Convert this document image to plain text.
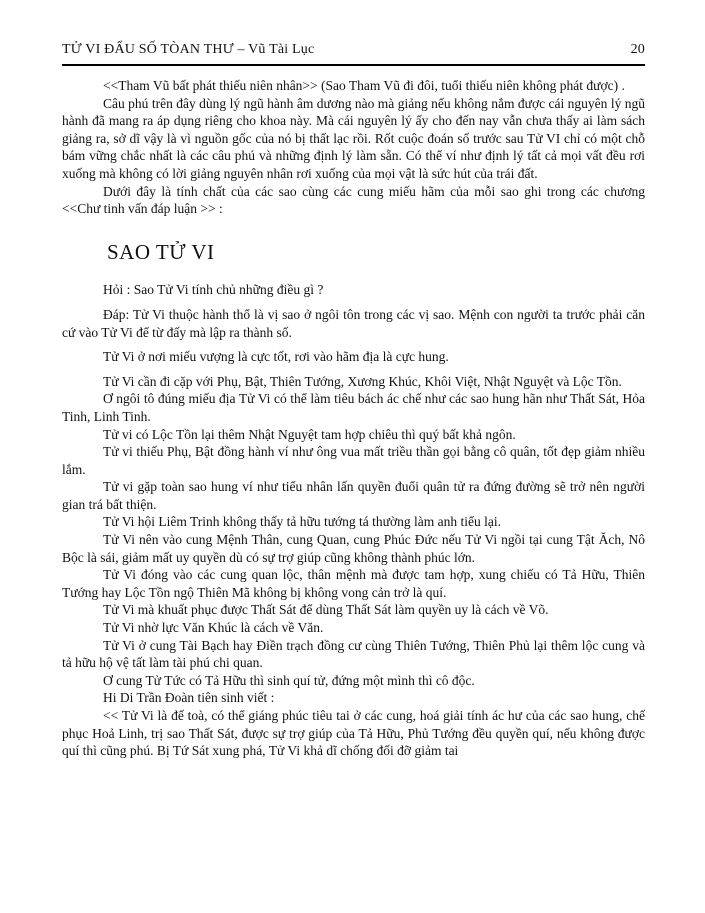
TỬ VI ĐẨU SỐ TÒAN THƯ – Vũ Tài Lục	20

<<Tham Vũ bất phát thiếu niên nhân>> (Sao Tham Vũ đi đôi, tuổi thiếu niên không phát được) .

Câu phú trên đây dùng lý ngũ hành âm dương nào mà giảng nếu không nắm được cái nguyên lý ngũ hành đã mang ra áp dụng riêng cho khoa này. Mà cái nguyên lý ấy cho đến nay vẫn chưa thấy ai làm sách giảng ra, sở dĩ vậy là vì nguồn gốc của nó bị thất lạc rồi. Rốt cuộc đoán số trước sau Tử VI chỉ có một chỗ bám vững chắc nhất là các câu phú và những định lý làm sẵn. Có thể ví như định lý tất cả mọi vất đều rơi xuống mà không có lời giảng nguyên nhân rơi xuống của mọi vật là sức hút của trái đất.

Dưới đây là tính chất của các sao cùng các cung miếu hãm của mỗi sao ghi trong các chương <<Chư tinh vấn đáp luận >> :

SAO TỬ VI

Hỏi : Sao Tử Vi tính chủ những điều gì ?

Đáp: Tử Vi thuộc hành thổ là vị sao ở ngôi tôn trong các vị sao. Mệnh con người ta trước phải căn cứ vào Tử Vi để từ đấy mà lập ra thành số.

Tử Vi ở nơi miếu vượng là cực tốt, rơi vào hãm địa là cực hung.

Tử Vi cần đi cặp với Phụ, Bật, Thiên Tướng, Xương Khúc, Khôi Việt, Nhật Nguyệt và Lộc Tồn.

Ơ ngôi tô đúng miếu địa Tử Vi có thể làm tiêu bách ác chế như các sao hung hãn như Thất Sát, Hỏa Tinh, Linh Tinh.

Tử vi có Lộc Tồn lại thêm Nhật Nguyệt tam hợp chiêu thì quý bất khả ngôn.

Tử vi thiếu Phụ, Bật đồng hành ví như ông vua mất triều thần gọi bằng cô quân, tốt đẹp giảm nhiều lắm.

Tử vi gặp toàn sao hung ví như tiểu nhân lấn quyền đuổi quân tử ra đứng đường sẽ trở nên người gian trá bất thiện.

Tử Vi hội Liêm Trinh không thấy tả hữu tướng tá thường làm anh tiểu lại.

Tử Vi nên vào cung Mệnh Thân, cung Quan, cung Phúc Đức nếu Tử Vi ngồi tại cung Tật Ăch, Nô Bộc là sái, giảm mất uy quyền dù có sự trợ giúp cũng không thành phúc lớn.

Tử Vi đóng vào các cung quan lộc, thân mệnh mà được tam hợp, xung chiếu có Tả Hữu, Thiên Tướng hay Lộc Tồn ngộ Thiên Mã không bị không vong cản trở là quí.

Tử Vi mà khuất phục được Thất Sát để dùng Thất Sát làm quyền uy là cách về Võ.

Tử Vi nhờ lực Văn Khúc là cách về Văn.

Tử Vi ở cung Tài Bạch hay Điền trạch đồng cư cùng Thiên Tướng, Thiên Phủ lại thêm lộc cung và tả hữu hộ vệ tất làm tài phú chi quan.

Ơ cung Tử Tức có Tả Hữu thì sinh quí tử, đứng một mình thì cô độc.

Hi Di Trần Đoàn tiên sinh viết :

<< Tử Vi là đế toà, có thể giáng phúc tiêu tai ở các cung, hoá giải tính ác hư của các sao hung, chế phục Hoả Linh, trị sao Thất Sát, được sự trợ giúp của Tả Hữu, Phủ Tướng đều quyền quí, nếu không được quí thì cũng phú. Bị Tứ Sát xung phá, Tử Vi khả dĩ chống đối đỡ giảm tai
